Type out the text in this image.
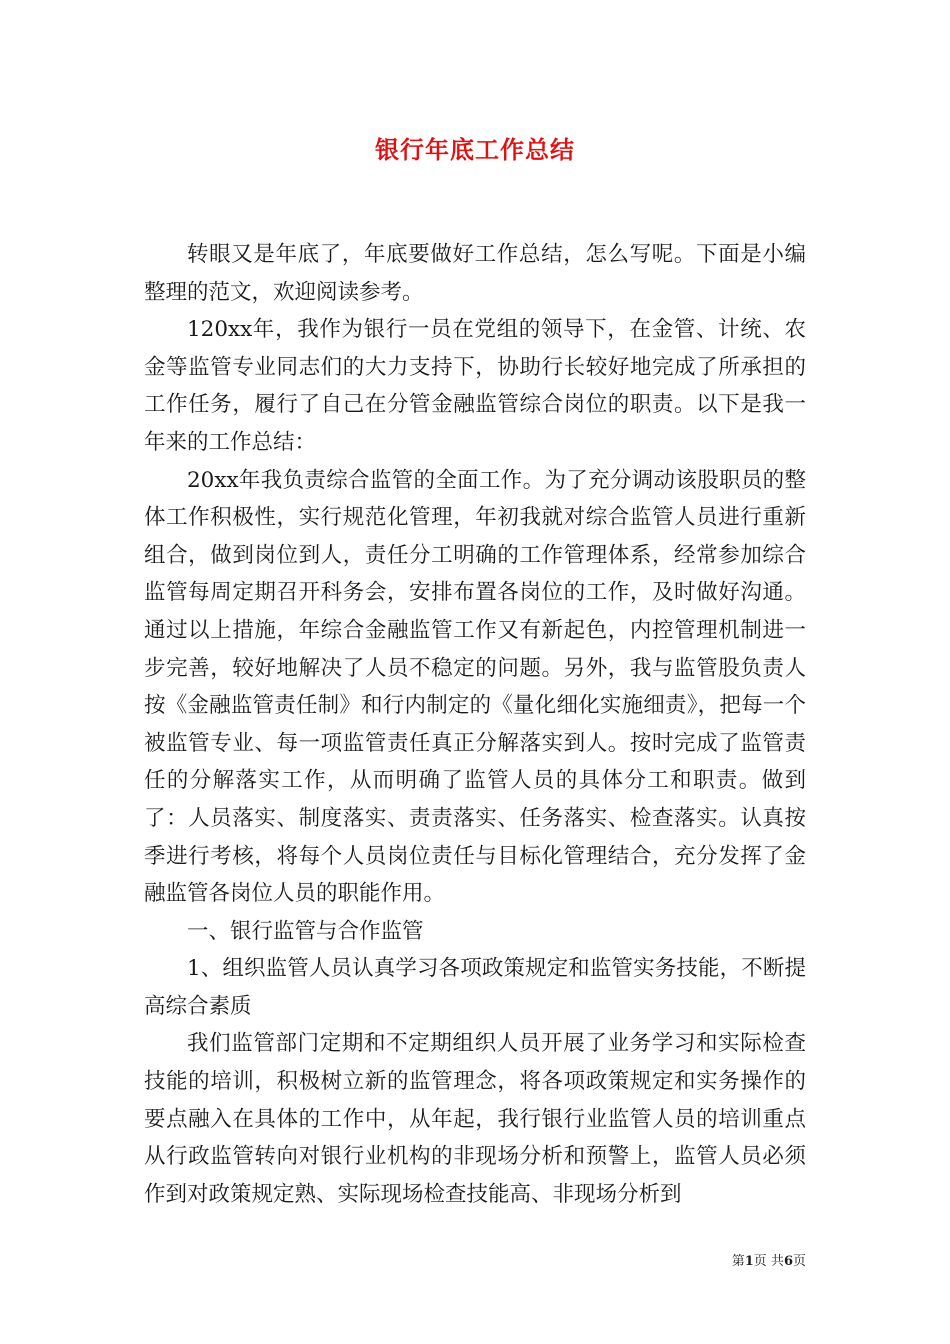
银行年底工作总结

转眼又是年底了，年底要做好工作总结，怎么写呢。下面是小编整理的范文，欢迎阅读参考。

120xx年，我作为银行一员在党组的领导下，在金管、计统、农金等监管专业同志们的大力支持下，协助行长较好地完成了所承担的工作任务，履行了自己在分管金融监管综合岗位的职责。以下是我一年来的工作总结：

20xx年我负责综合监管的全面工作。为了充分调动该股职员的整体工作积极性，实行规范化管理，年初我就对综合监管人员进行重新组合，做到岗位到人，责任分工明确的工作管理体系，经常参加综合监管每周定期召开科务会，安排布置各岗位的工作，及时做好沟通。通过以上措施，年综合金融监管工作又有新起色，内控管理机制进一步完善，较好地解决了人员不稳定的问题。另外，我与监管股负责人按《金融监管责任制》和行内制定的《量化细化实施细责》，把每一个被监管专业、每一项监管责任真正分解落实到人。按时完成了监管责任的分解落实工作，从而明确了监管人员的具体分工和职责。做到了：人员落实、制度落实、责责落实、任务落实、检查落实。认真按季进行考核，将每个人员岗位责任与目标化管理结合，充分发挥了金融监管各岗位人员的职能作用。

一、银行监管与合作监管

1、组织监管人员认真学习各项政策规定和监管实务技能，不断提高综合素质

我们监管部门定期和不定期组织人员开展了业务学习和实际检查技能的培训，积极树立新的监管理念，将各项政策规定和实务操作的要点融入在具体的工作中，从年起，我行银行业监管人员的培训重点从行政监管转向对银行业机构的非现场分析和预警上，监管人员必须作到对政策规定熟、实际现场检查技能高、非现场分析到

第1页 共6页
